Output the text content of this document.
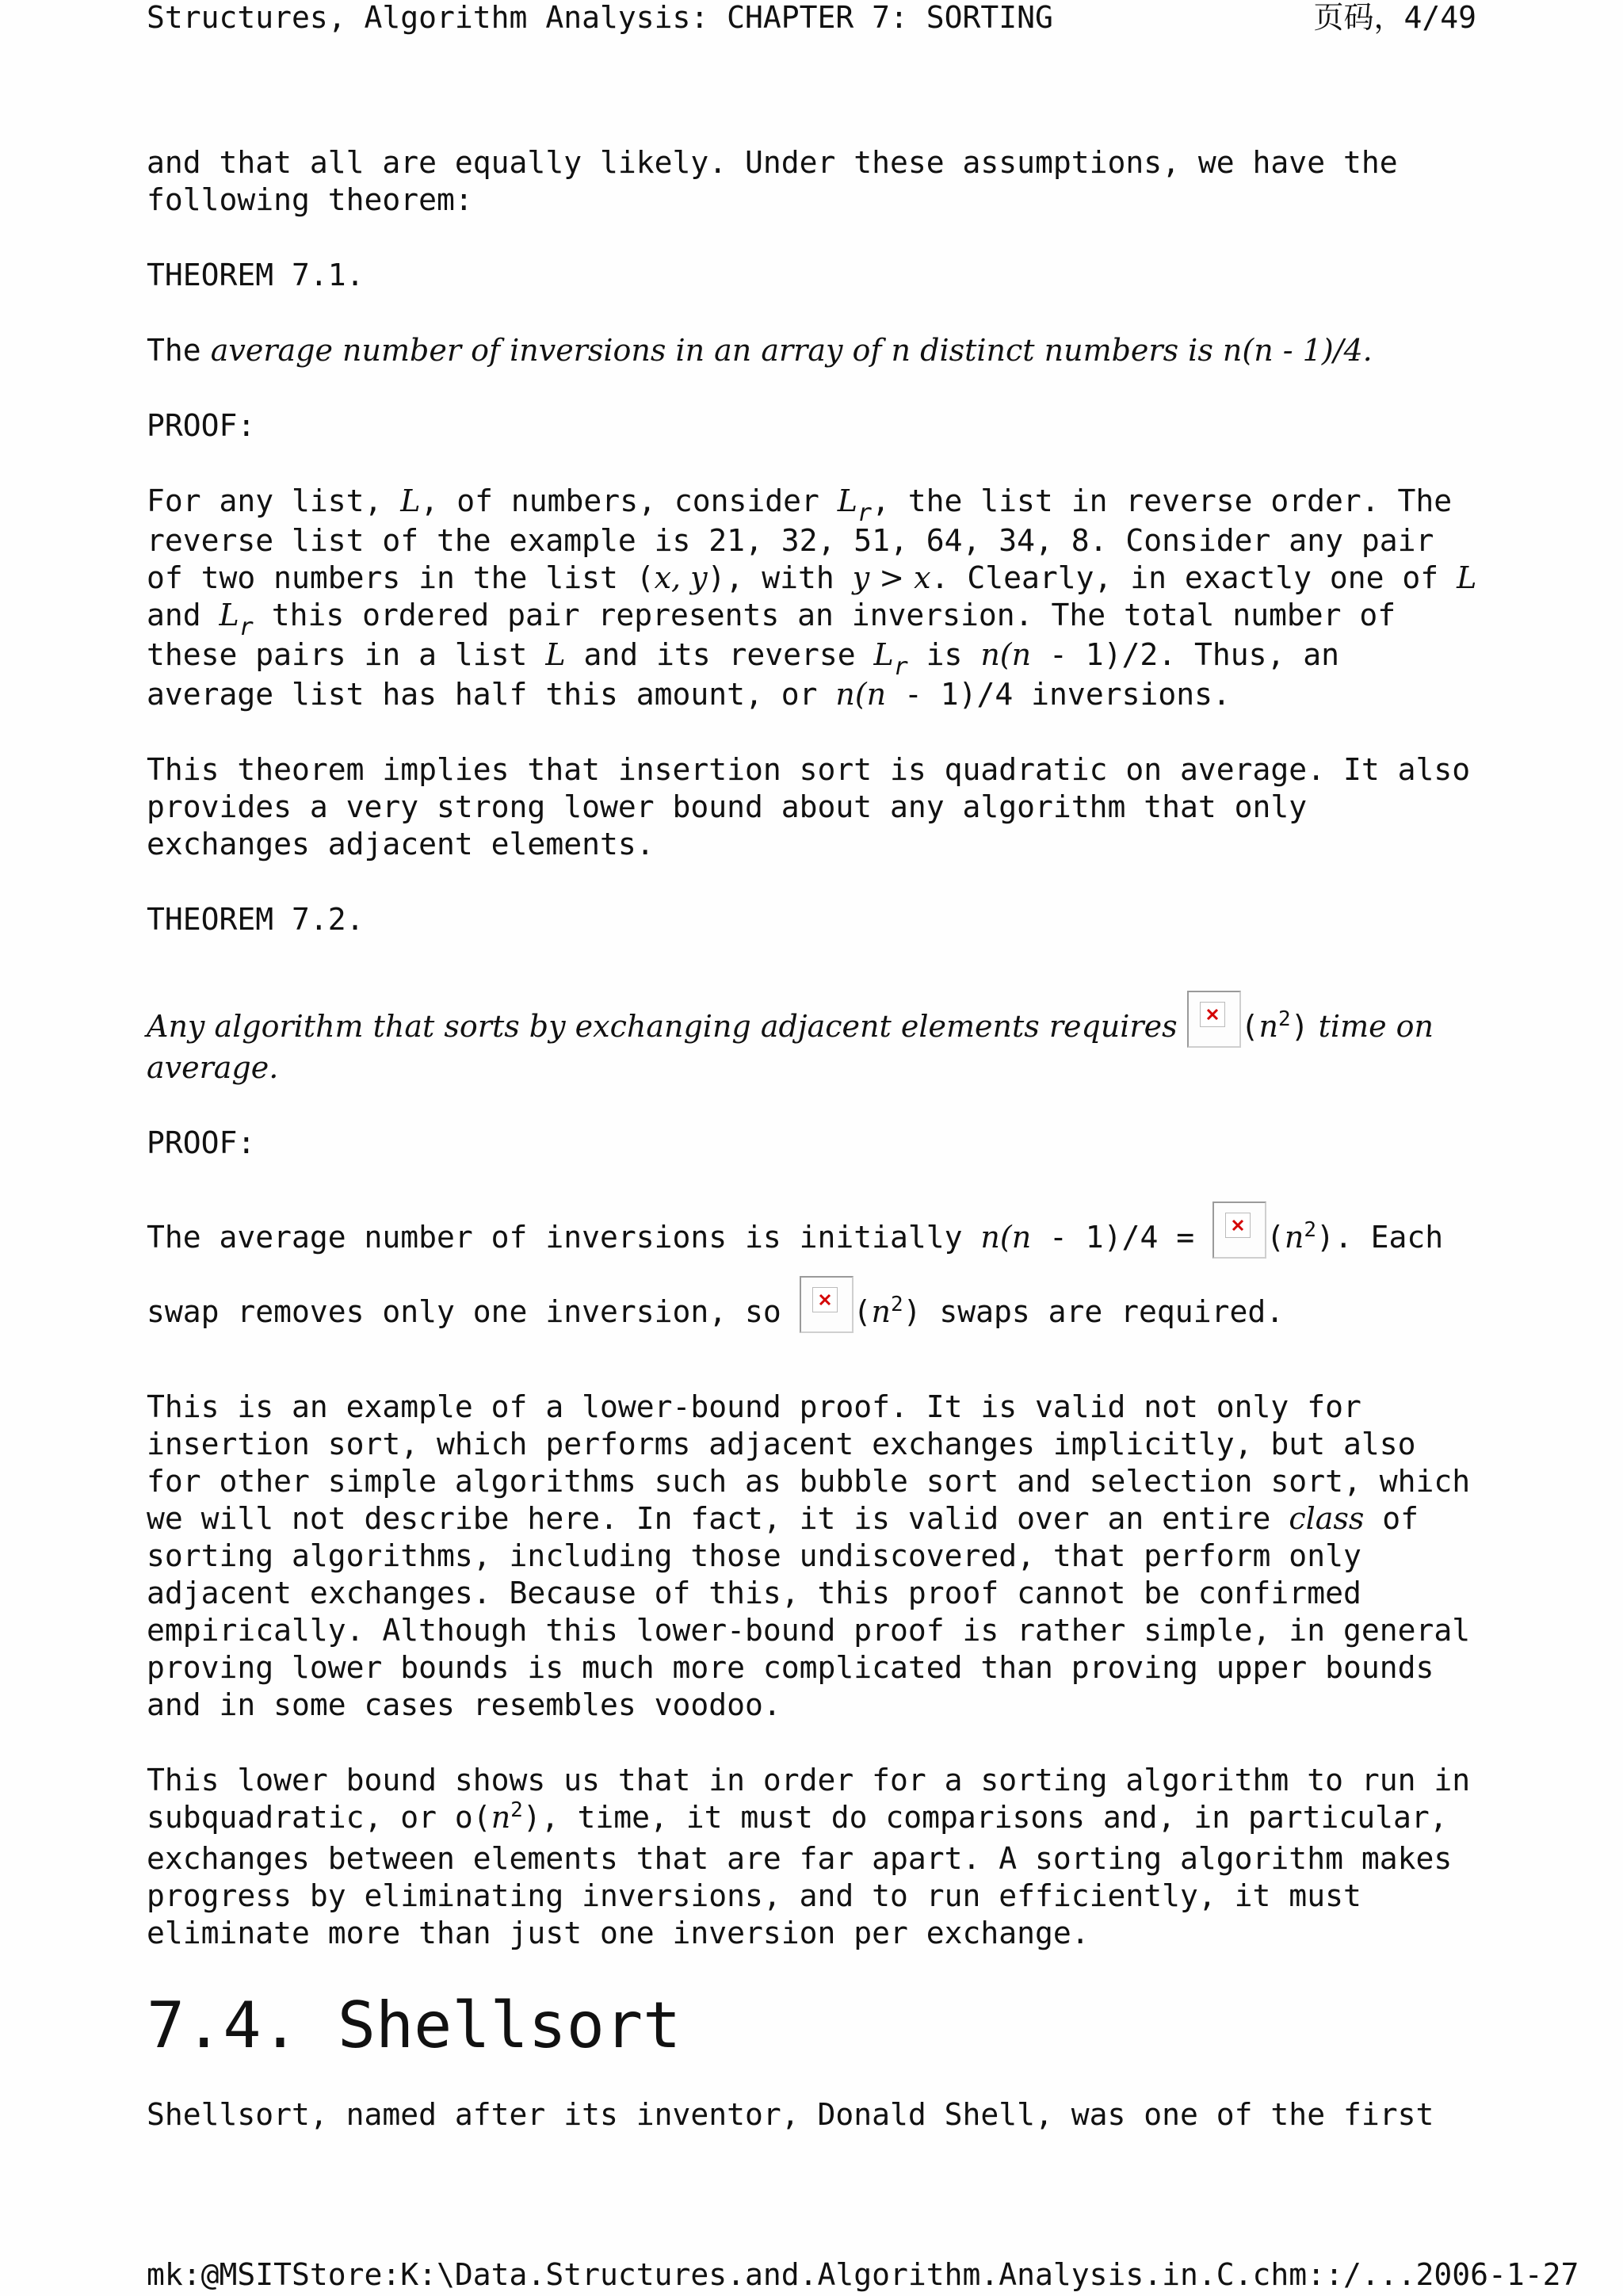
Structures, Algorithm Analysis: CHAPTER 7: SORTING	页码，4/49

and that all are equally likely. Under these assumptions, we have the following theorem:

THEOREM 7.1.

The average number of inversions in an array of n distinct numbers is n(n - 1)/4.

PROOF:

For any list, L, of numbers, consider $L_r$, the list in reverse order. The reverse list of the example is 21, 32, 51, 64, 34, 8. Consider any pair of two numbers in the list (x, y), with y > x. Clearly, in exactly one of L and $L_r$ this ordered pair represents an inversion. The total number of these pairs in a list L and its reverse $L_r$ is n(n - 1)/2. Thus, an average list has half this amount, or n(n - 1)/4 inversions.

This theorem implies that insertion sort is quadratic on average. It also provides a very strong lower bound about any algorithm that only exchanges adjacent elements.

THEOREM 7.2.

Any algorithm that sorts by exchanging adjacent elements requires
$(n^2)$ time on average.

PROOF:

The average number of inversions is initially n(n - 1)/4 =
$(n^2)$. Each swap removes only one inversion, so
$(n^2)$ swaps are required.

This is an example of a lower-bound proof. It is valid not only for insertion sort, which performs adjacent exchanges implicitly, but also for other simple algorithms such as bubble sort and selection sort, which we will not describe here. In fact, it is valid over an entire class of sorting algorithms, including those undiscovered, that perform only adjacent exchanges. Because of this, this proof cannot be confirmed empirically. Although this lower-bound proof is rather simple, in general proving lower bounds is much more complicated than proving upper bounds and in some cases resembles voodoo.

This lower bound shows us that in order for a sorting algorithm to run in subquadratic, or $o(n^2)$, time, it must do comparisons and, in particular, exchanges between elements that are far apart. A sorting algorithm makes progress by eliminating inversions, and to run efficiently, it must eliminate more than just one inversion per exchange.

7.4. Shellsort

Shellsort, named after its inventor, Donald Shell, was one of the first

mk:@MSITStore:K:\Data.Structures.and.Algorithm.Analysis.in.C.chm::/... 2006-1-27
